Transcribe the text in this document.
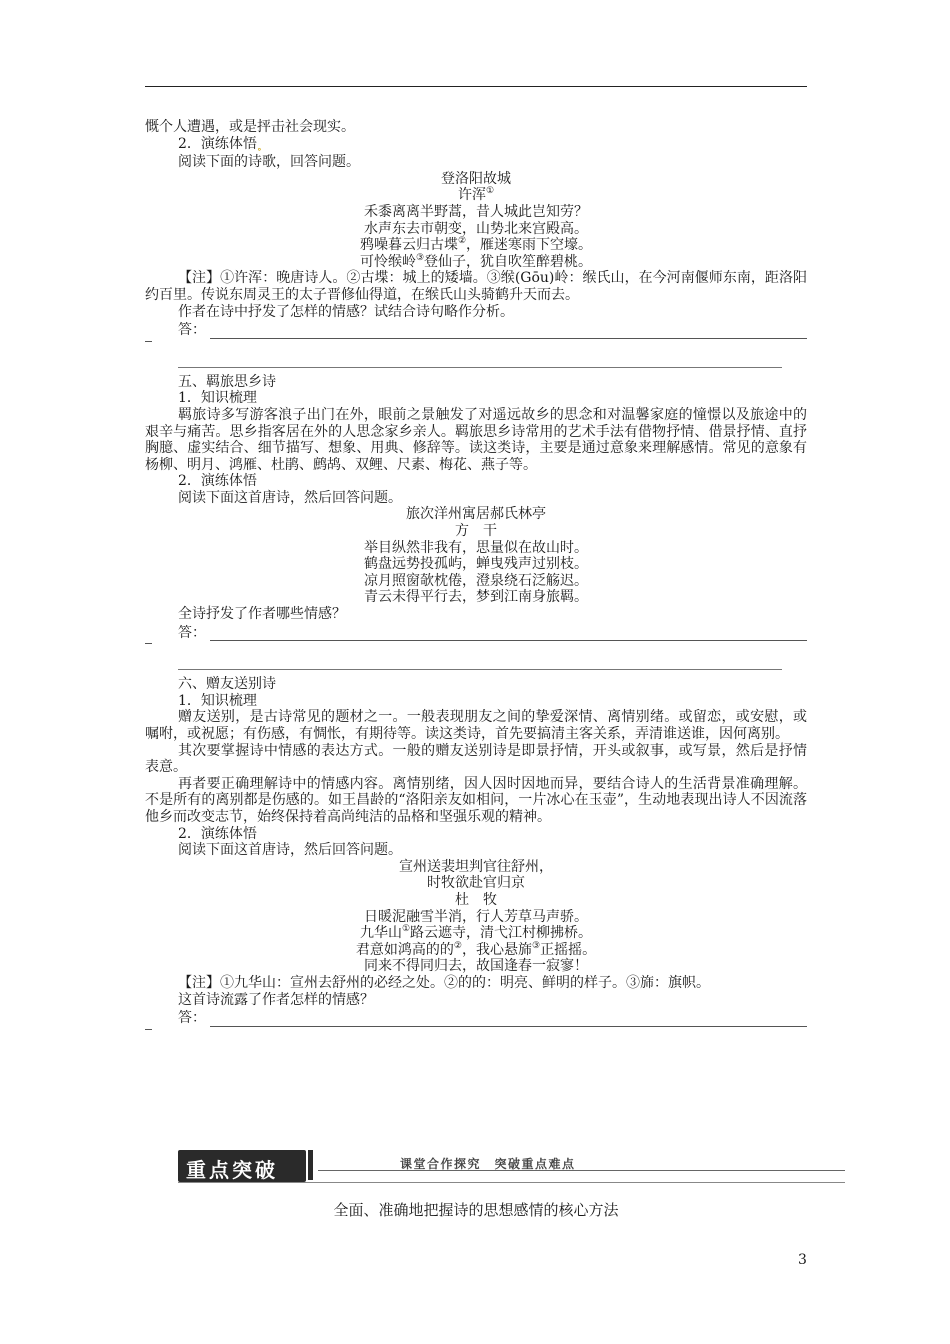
慨个人遭遇，或是抨击社会现实。

2．演练体悟˳

阅读下面的诗歌，回答问题。

登洛阳故城

许浑①

禾黍离离半野蒿，昔人城此岂知劳？

水声东去市朝变，山势北来宫殿高。

鸦噪暮云归古堞②，雁迷寒雨下空壕。

可怜缑岭③登仙子，犹自吹笙醉碧桃。

【注】①许浑：晚唐诗人。②古堞：城上的矮墙。③缑(Gōu)岭：缑氏山，在今河南偃师东南，距洛阳约百里。传说东周灵王的太子晋修仙得道，在缑氏山头骑鹤升天而去。

作者在诗中抒发了怎样的情感？试结合诗句略作分析。

答：

五、羁旅思乡诗

1．知识梳理

羁旅诗多写游客浪子出门在外，眼前之景触发了对遥远故乡的思念和对温馨家庭的憧憬以及旅途中的艰辛与痛苦。思乡指客居在外的人思念家乡亲人。羁旅思乡诗常用的艺术手法有借物抒情、借景抒情、直抒胸臆、虚实结合、细节描写、想象、用典、修辞等。读这类诗，主要是通过意象来理解感情。常见的意象有杨柳、明月、鸿雁、杜鹃、鹧鸪、双鲤、尺素、梅花、燕子等。

2．演练体悟

阅读下面这首唐诗，然后回答问题。

旅次洋州寓居郝氏林亭

方　干

举目纵然非我有，思量似在故山时。

鹤盘远势投孤屿，蝉曳残声过别枝。

凉月照窗欹枕倦，澄泉绕石泛觞迟。

青云未得平行去，梦到江南身旅羁。

全诗抒发了作者哪些情感？

答：

六、赠友送别诗

1．知识梳理

赠友送别，是古诗常见的题材之一。一般表现朋友之间的挚爱深情、离情别绪。或留恋，或安慰，或嘱咐，或祝愿；有伤感，有惆怅，有期待等。读这类诗，首先要搞清主客关系，弄清谁送谁，因何离别。

其次要掌握诗中情感的表达方式。一般的赠友送别诗是即景抒情，开头或叙事，或写景，然后是抒情表意。

再者要正确理解诗中的情感内容。离情别绪，因人因时因地而异，要结合诗人的生活背景准确理解。不是所有的离别都是伤感的。如王昌龄的“洛阳亲友如相问，一片冰心在玉壶”，生动地表现出诗人不因流落他乡而改变志节，始终保持着高尚纯洁的品格和坚强乐观的精神。

2．演练体悟

阅读下面这首唐诗，然后回答问题。

宣州送裴坦判官往舒州，

时牧欲赴官归京

杜　牧

日暖泥融雪半消，行人芳草马声骄。

九华山①路云遮寺，清弋江村柳拂桥。

君意如鸿高的的②，我心悬旆③正摇摇。

同来不得同归去，故国逢春一寂寥！

【注】①九华山：宣州去舒州的必经之处。②的的：明亮、鲜明的样子。③旆：旗帜。

这首诗流露了作者怎样的情感？

答：
重点突破	课堂合作探究　突破重点难点
全面、准确地把握诗的思想感情的核心方法
3
